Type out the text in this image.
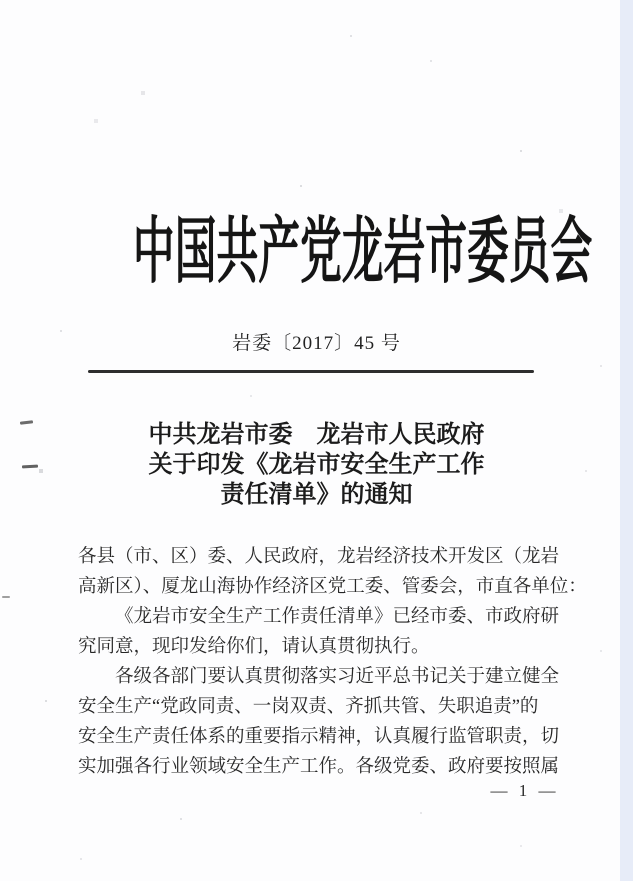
中国共产党龙岩市委员会
岩委〔2017〕45 号
中共龙岩市委　龙岩市人民政府
关于印发《龙岩市安全生产工作
责任清单》的通知
各县（市、区）委、人民政府，龙岩经济技术开发区（龙岩
高新区）、厦龙山海协作经济区党工委、管委会，市直各单位：
《龙岩市安全生产工作责任清单》已经市委、市政府研
究同意，现印发给你们，请认真贯彻执行。
各级各部门要认真贯彻落实习近平总书记关于建立健全
安全生产“党政同责、一岗双责、齐抓共管、失职追责”的
安全生产责任体系的重要指示精神，认真履行监管职责，切
实加强各行业领域安全生产工作。各级党委、政府要按照属
— 1 —
